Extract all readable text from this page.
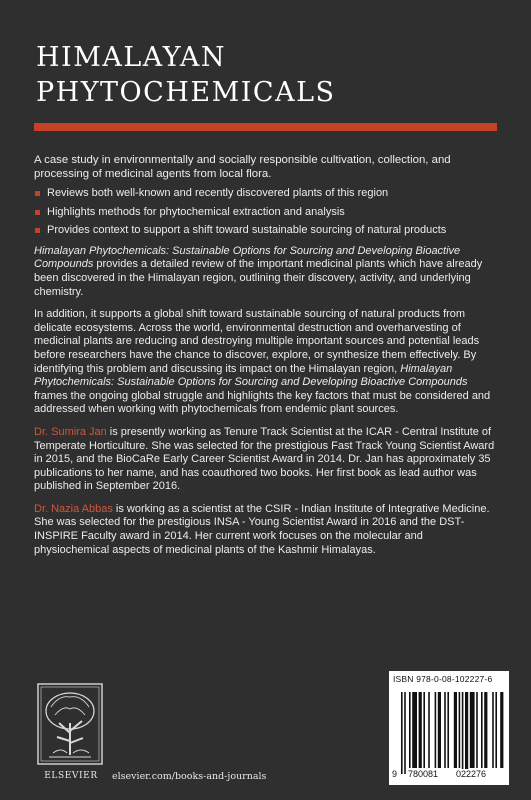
HIMALAYAN
PHYTOCHEMICALS

A case study in environmentally and socially responsible cultivation, collection, and processing of medicinal agents from local flora.

Reviews both well-known and recently discovered plants of this region
Highlights methods for phytochemical extraction and analysis
Provides context to support a shift toward sustainable sourcing of natural products

Himalayan Phytochemicals: Sustainable Options for Sourcing and Developing Bioactive Compounds provides a detailed review of the important medicinal plants which have already been discovered in the Himalayan region, outlining their discovery, activity, and underlying chemistry.

In addition, it supports a global shift toward sustainable sourcing of natural products from delicate ecosystems. Across the world, environmental destruction and overharvesting of medicinal plants are reducing and destroying multiple important sources and potential leads before researchers have the chance to discover, explore, or synthesize them effectively. By identifying this problem and discussing its impact on the Himalayan region, Himalayan Phytochemicals: Sustainable Options for Sourcing and Developing Bioactive Compounds frames the ongoing global struggle and highlights the key factors that must be considered and addressed when working with phytochemicals from endemic plant sources.

Dr. Sumira Jan is presently working as Tenure Track Scientist at the ICAR - Central Institute of Temperate Horticulture. She was selected for the prestigious Fast Track Young Scientist Award in 2015, and the BioCaRe Early Career Scientist Award in 2014. Dr. Jan has approximately 35 publications to her name, and has coauthored two books. Her first book as lead author was published in September 2016.

Dr. Nazia Abbas is working as a scientist at the CSIR - Indian Institute of Integrative Medicine. She was selected for the prestigious INSA - Young Scientist Award in 2016 and the DST-INSPIRE Faculty award in 2014. Her current work focuses on the molecular and physiochemical aspects of medicinal plants of the Kashmir Himalayas.

ELSEVIER	elsevier.com/books-and-journals
ISBN 978-0-08-102227-6
9 780081 022276
